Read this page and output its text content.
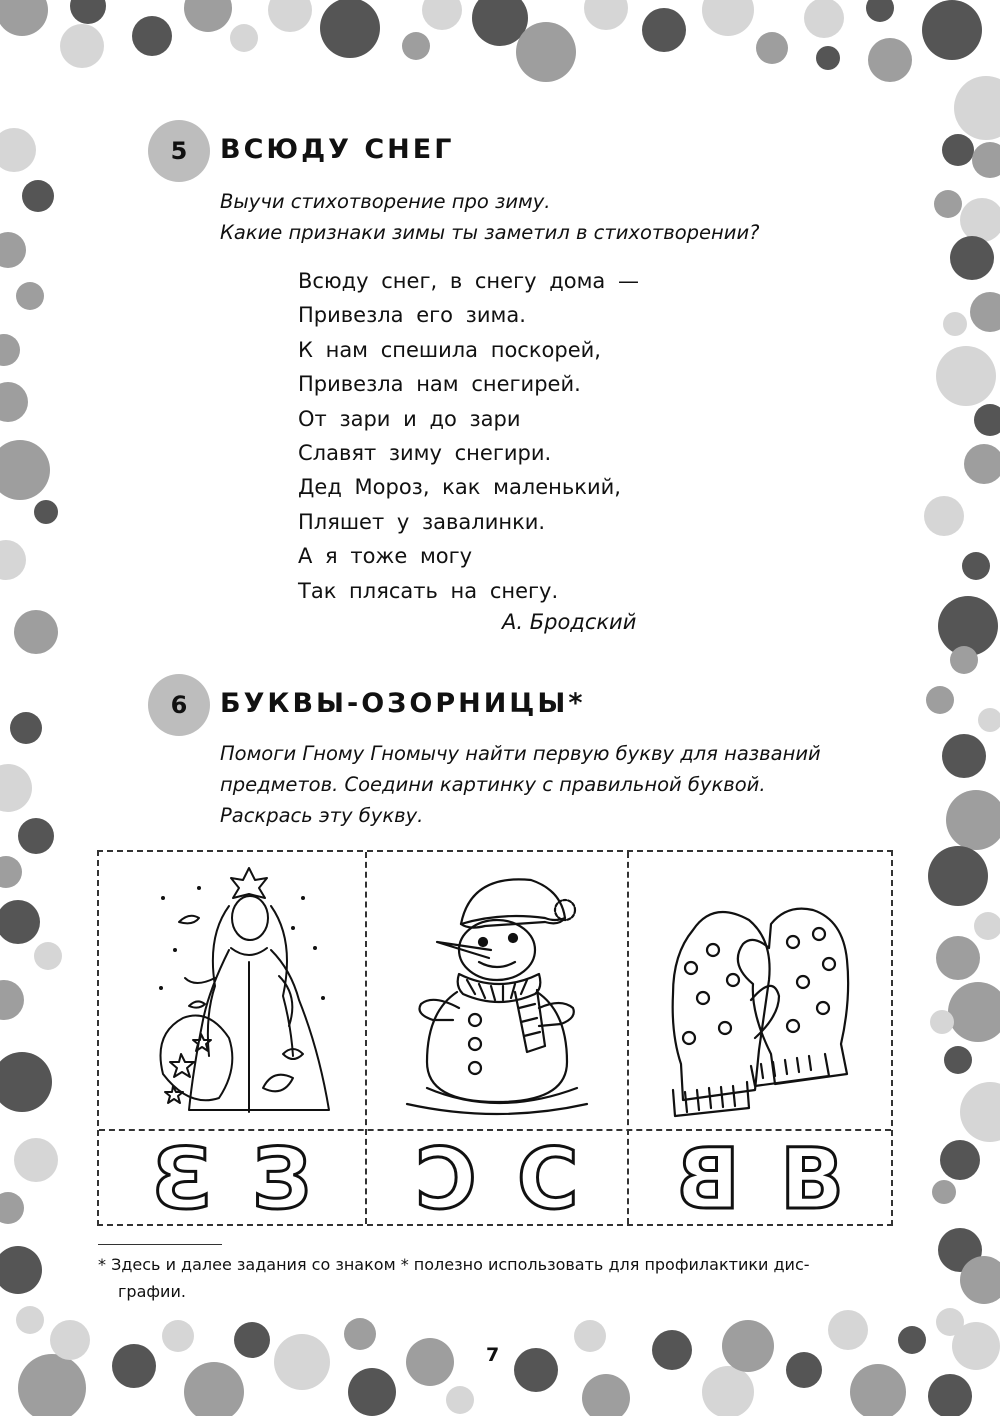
5 ВСЮДУ СНЕГ
Выучи стихотворение про зиму.
Какие признаки зимы ты заметил в стихотворении?
Всюду снег, в снегу дома —
Привезла его зима.
К нам спешила поскорей,
Привезла нам снегирей.
От зари и до зари
Славят зиму снегири.
Дед Мороз, как маленький,
Пляшет у завалинки.
А я тоже могу
Так плясать на снегу.
А. Бродский
6 БУКВЫ-ОЗОРНИЦЫ*
Помоги Гному Гномычу найти первую букву для названий
предметов. Соедини картинку с правильной буквой.
Раскрась эту букву.
З З С С В В
* Здесь и далее задания со знаком * полезно использовать для профилактики дис-
графии.
7
